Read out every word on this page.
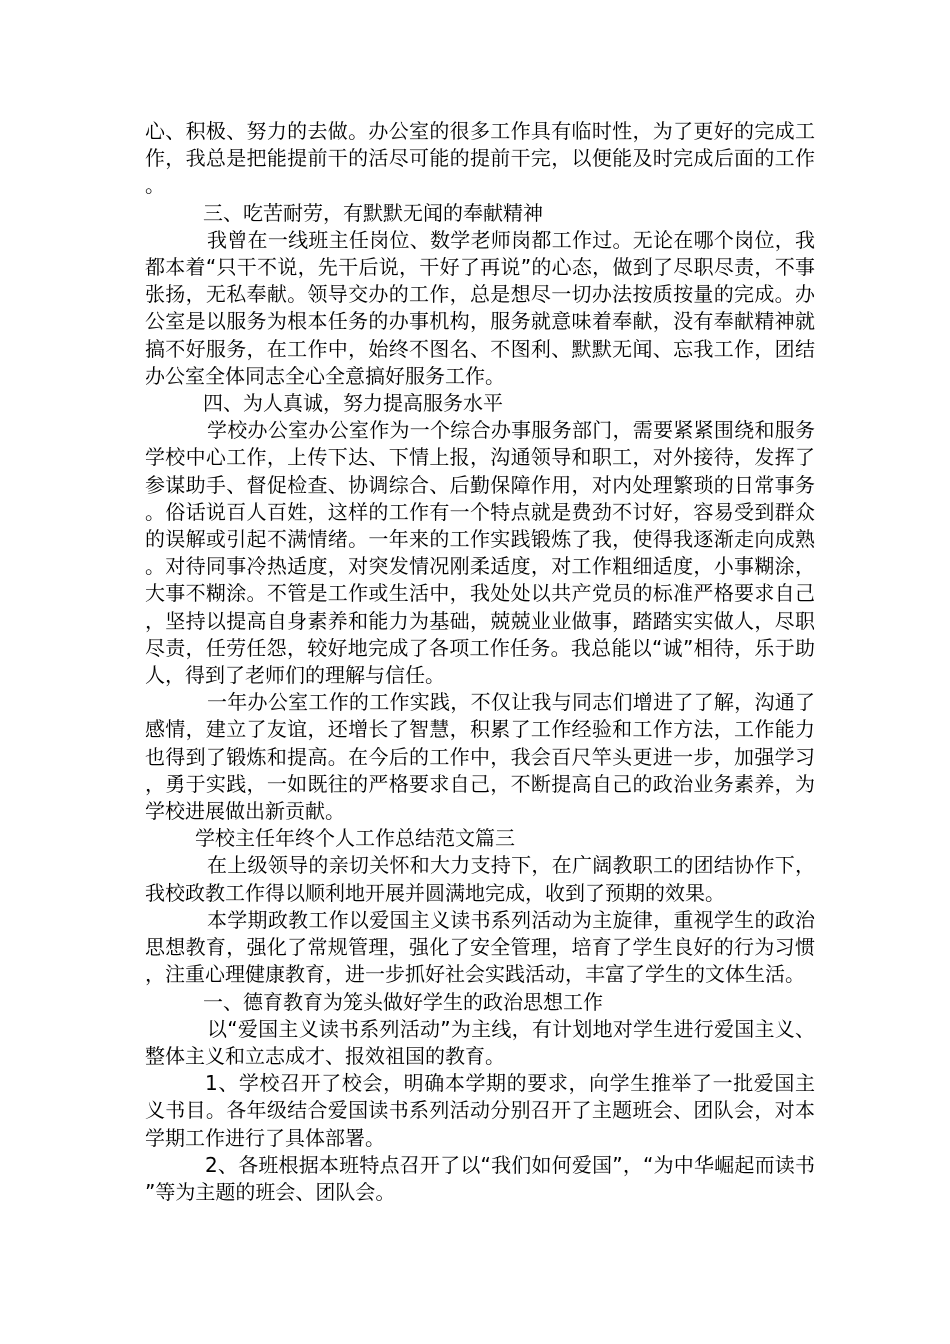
心、积极、努力的去做。办公室的很多工作具有临时性，为了更好的完成工作，我总是把能提前干的活尽可能的提前干完，以便能及时完成后面的工作。

三、吃苦耐劳，有默默无闻的奉献精神

我曾在一线班主任岗位、数学老师岗都工作过。无论在哪个岗位，我都本着“只干不说，先干后说，干好了再说”的心态，做到了尽职尽责，不事张扬，无私奉献。领导交办的工作，总是想尽一切办法按质按量的完成。办公室是以服务为根本任务的办事机构，服务就意味着奉献，没有奉献精神就搞不好服务，在工作中，始终不图名、不图利、默默无闻、忘我工作，团结办公室全体同志全心全意搞好服务工作。

四、为人真诚，努力提高服务水平

学校办公室办公室作为一个综合办事服务部门，需要紧紧围绕和服务学校中心工作，上传下达、下情上报，沟通领导和职工，对外接待，发挥了参谋助手、督促检查、协调综合、后勤保障作用，对内处理繁琐的日常事务。俗话说百人百姓，这样的工作有一个特点就是费劲不讨好，容易受到群众的误解或引起不满情绪。一年来的工作实践锻炼了我，使得我逐渐走向成熟。对待同事冷热适度，对突发情况刚柔适度，对工作粗细适度，小事糊涂，大事不糊涂。不管是工作或生活中，我处处以共产党员的标准严格要求自己，坚持以提高自身素养和能力为基础，兢兢业业做事，踏踏实实做人，尽职尽责，任劳任怨，较好地完成了各项工作任务。我总能以“诚”相待，乐于助人，得到了老师们的理解与信任。

一年办公室工作的工作实践，不仅让我与同志们增进了了解，沟通了感情，建立了友谊，还增长了智慧，积累了工作经验和工作方法，工作能力也得到了锻炼和提高。在今后的工作中，我会百尺竿头更进一步，加强学习，勇于实践，一如既往的严格要求自己，不断提高自己的政治业务素养，为学校进展做出新贡献。

学校主任年终个人工作总结范文篇三

在上级领导的亲切关怀和大力支持下，在广阔教职工的团结协作下，我校政教工作得以顺利地开展并圆满地完成，收到了预期的效果。

本学期政教工作以爱国主义读书系列活动为主旋律，重视学生的政治思想教育，强化了常规管理，强化了安全管理，培育了学生良好的行为习惯，注重心理健康教育，进一步抓好社会实践活动，丰富了学生的文体生活。

一、德育教育为笼头做好学生的政治思想工作

以“爱国主义读书系列活动”为主线，有计划地对学生进行爱国主义、整体主义和立志成才、报效祖国的教育。

1、学校召开了校会，明确本学期的要求，向学生推举了一批爱国主义书目。各年级结合爱国读书系列活动分别召开了主题班会、团队会，对本学期工作进行了具体部署。

2、各班根据本班特点召开了以“我们如何爱国”，“为中华崛起而读书”等为主题的班会、团队会。
